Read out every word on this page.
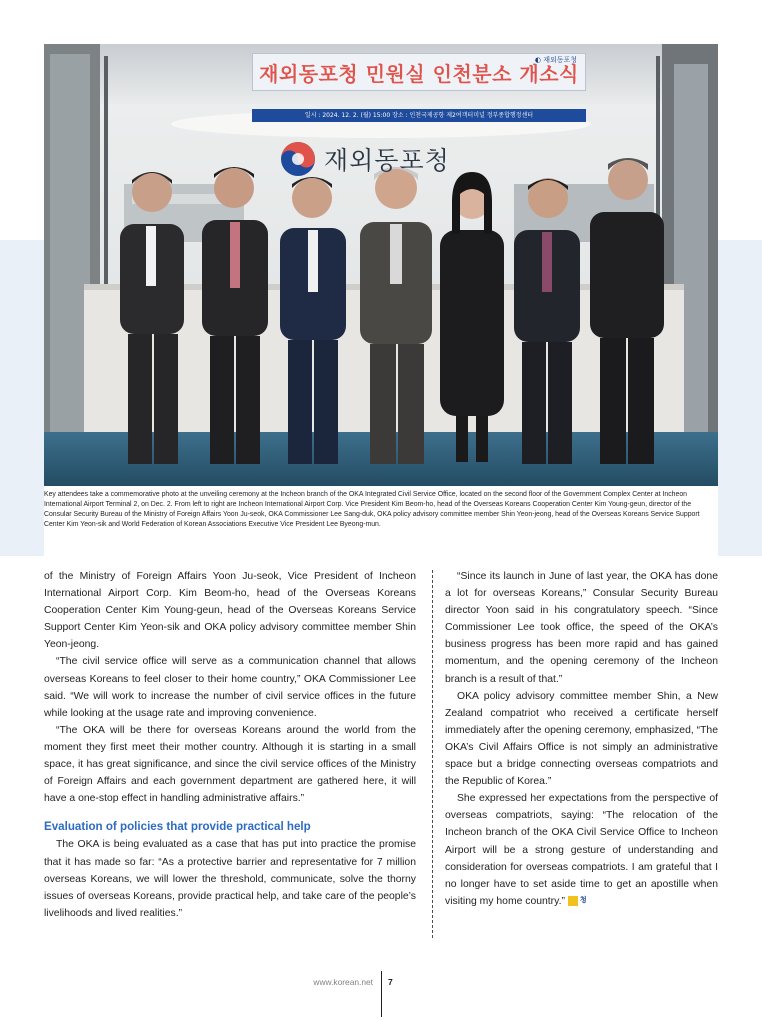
◐ 재외동포청
재외동포청 민원실 인천분소 개소식
일시 : 2024. 12. 2. (월) 15:00 장소 : 인천국제공항 제2여객터미널 정부종합행정센터
재외동포청

Key attendees take a commemorative photo at the unveiling ceremony at the Incheon branch of the OKA Integrated Civil Service Office, located on the second floor of the Government Complex Center at Incheon International Airport Terminal 2, on Dec. 2. From left to right are Incheon International Airport Corp. Vice President Kim Beom-ho, head of the Overseas Koreans Cooperation Center Kim Young-geun, director of the Consular Security Bureau of the Ministry of Foreign Affairs Yoon Ju-seok, OKA Commissioner Lee Sang-duk, OKA policy advisory committee member Shin Yeon-jeong, head of the Overseas Koreans Service Support Center Kim Yeon-sik and World Federation of Korean Associations Executive Vice President Lee Byeong-mun.

of the Ministry of Foreign Affairs Yoon Ju-seok, Vice President of Incheon International Airport Corp. Kim Beom-ho, head of the Overseas Koreans Cooperation Center Kim Young-geun, head of the Overseas Koreans Service Support Center Kim Yeon-sik and OKA policy advisory committee member Shin Yeon-jeong.

“The civil service office will serve as a communication channel that allows overseas Koreans to feel closer to their home country,” OKA Commissioner Lee said. “We will work to increase the number of civil service offices in the future while looking at the usage rate and improving convenience.

“The OKA will be there for overseas Koreans around the world from the moment they first meet their mother country. Although it is starting in a small space, it has great significance, and since the civil service offices of the Ministry of Foreign Affairs and each government department are gathered here, it will have a one-stop effect in handling administrative affairs.”

Evaluation of policies that provide practical help

The OKA is being evaluated as a case that has put into practice the promise that it has made so far: “As a protective barrier and representative for 7 million overseas Koreans, we will lower the threshold, communicate, solve the thorny issues of overseas Koreans, provide practical help, and take care of the people’s livelihoods and lived realities.”

“Since its launch in June of last year, the OKA has done a lot for overseas Koreans,” Consular Security Bureau director Yoon said in his congratulatory speech. “Since Commissioner Lee took office, the speed of the OKA’s business progress has been more rapid and has gained momentum, and the opening ceremony of the Incheon branch is a result of that.”

OKA policy advisory committee member Shin, a New Zealand compatriot who received a certificate herself immediately after the opening ceremony, emphasized, “The OKA’s Civil Affairs Office is not simply an administrative space but a bridge connecting overseas compatriots and the Republic of Korea.”

She expressed her expectations from the perspective of overseas compatriots, saying: “The relocation of the Incheon branch of the OKA Civil Service Office to Incheon Airport will be a strong gesture of understanding and consideration for overseas compatriots. I am grateful that I no longer have to set aside time to get an apostille when visiting my home country.” 청

www.korean.net 7
